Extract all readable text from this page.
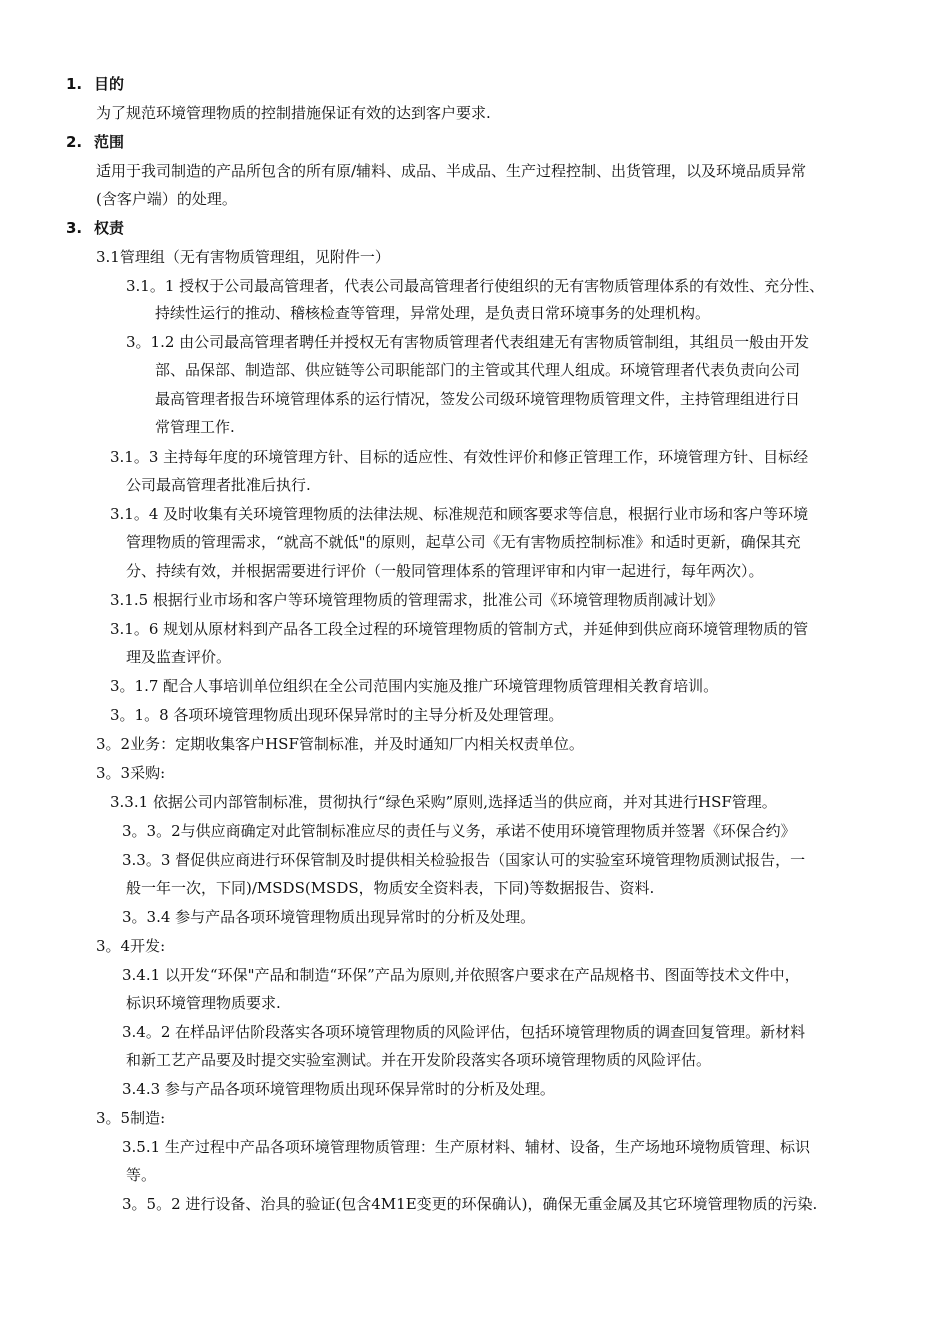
1. 目的
为了规范环境管理物质的控制措施保证有效的达到客户要求.
2. 范围
适用于我司制造的产品所包含的所有原/辅料、成品、半成品、生产过程控制、出货管理，以及环境品质异常
(含客户端）的处理。
3. 权责
3.1管理组（无有害物质管理组，见附件一）
3.1。1 授权于公司最高管理者，代表公司最高管理者行使组织的无有害物质管理体系的有效性、充分性、
持续性运行的推动、稽核检查等管理，异常处理，是负责日常环境事务的处理机构。
3。1.2 由公司最高管理者聘任并授权无有害物质管理者代表组建无有害物质管制组，其组员一般由开发
部、品保部、制造部、供应链等公司职能部门的主管或其代理人组成。环境管理者代表负责向公司
最高管理者报告环境管理体系的运行情况，签发公司级环境管理物质管理文件，主持管理组进行日
常管理工作.
3.1。3 主持每年度的环境管理方针、目标的适应性、有效性评价和修正管理工作，环境管理方针、目标经
公司最高管理者批准后执行.
3.1。4 及时收集有关环境管理物质的法律法规、标准规范和顾客要求等信息，根据行业市场和客户等环境
管理物质的管理需求，“就高不就低"的原则，起草公司《无有害物质控制标准》和适时更新，确保其充
分、持续有效，并根据需要进行评价（一般同管理体系的管理评审和内审一起进行，每年两次）。
3.1.5 根据行业市场和客户等环境管理物质的管理需求，批准公司《环境管理物质削减计划》
3.1。6 规划从原材料到产品各工段全过程的环境管理物质的管制方式，并延伸到供应商环境管理物质的管
理及监查评价。
3。1.7 配合人事培训单位组织在全公司范围内实施及推广环境管理物质管理相关教育培训。
3。1。8 各项环境管理物质出现环保异常时的主导分析及处理管理。
3。2业务：定期收集客户HSF管制标准，并及时通知厂内相关权责单位。
3。3采购:
3.3.1 依据公司内部管制标准，贯彻执行“绿色采购”原则,选择适当的供应商，并对其进行HSF管理。
3。3。2与供应商确定对此管制标准应尽的责任与义务，承诺不使用环境管理物质并签署《环保合约》
3.3。3 督促供应商进行环保管制及时提供相关检验报告（国家认可的实验室环境管理物质测试报告，一
般一年一次，下同)/MSDS(MSDS，物质安全资料表，下同)等数据报告、资料.
3。3.4 参与产品各项环境管理物质出现异常时的分析及处理。
3。4开发:
3.4.1 以开发“环保"产品和制造“环保”产品为原则,并依照客户要求在产品规格书、图面等技术文件中，
标识环境管理物质要求.
3.4。2 在样品评估阶段落实各项环境管理物质的风险评估，包括环境管理物质的调查回复管理。新材料
和新工艺产品要及时提交实验室测试。并在开发阶段落实各项环境管理物质的风险评估。
3.4.3 参与产品各项环境管理物质出现环保异常时的分析及处理。
3。5制造:
3.5.1 生产过程中产品各项环境管理物质管理：生产原材料、辅材、设备，生产场地环境物质管理、标识
等。
3。5。2 进行设备、治具的验证(包含4M1E变更的环保确认)，确保无重金属及其它环境管理物质的污染.
